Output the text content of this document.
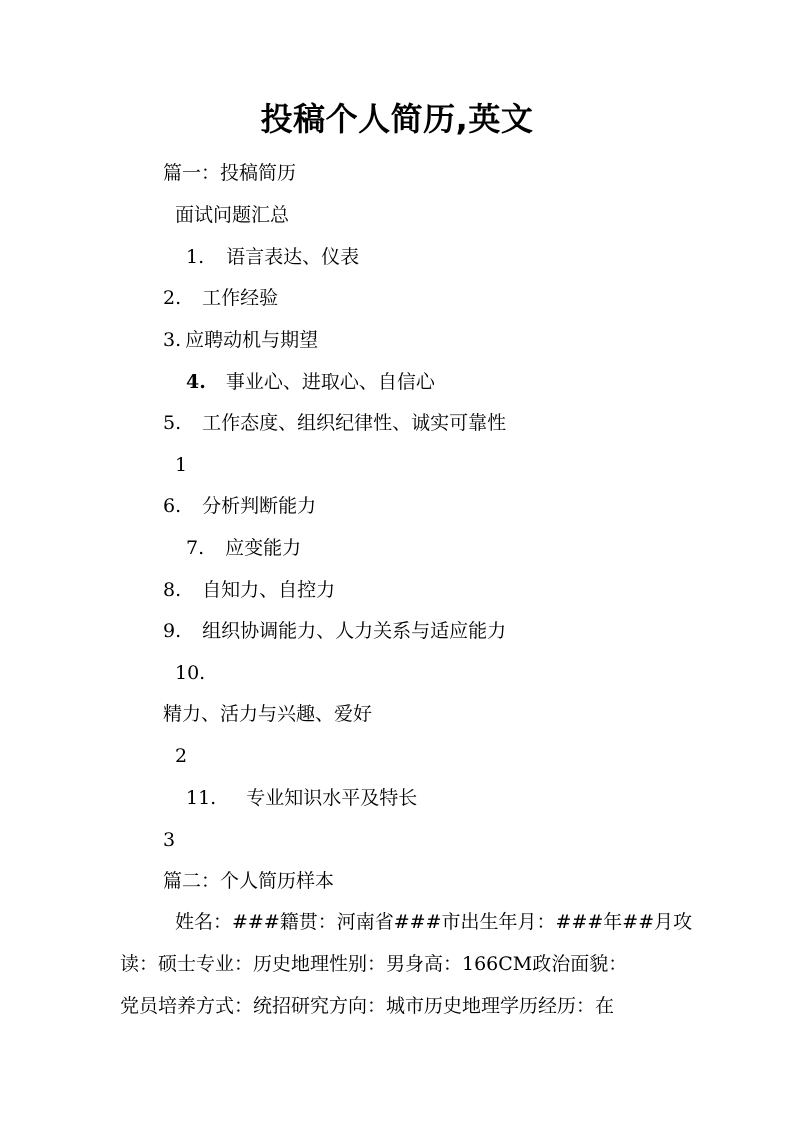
投稿个人简历,英文
篇一：投稿简历
面试问题汇总
1. 语言表达、仪表
2. 工作经验
3. 应聘动机与期望
4. 事业心、进取心、自信心
5. 工作态度、组织纪律性、诚实可靠性
1
6. 分析判断能力
7. 应变能力
8. 自知力、自控力
9. 组织协调能力、人力关系与适应能力
10.
精力、活力与兴趣、爱好
2
11. 专业知识水平及特长
3
篇二：个人简历样本
姓名：###籍贯：河南省###市出生年月：###年##月攻
读：硕士专业：历史地理性别：男身高：166CM政治面貌：
党员培养方式：统招研究方向：城市历史地理学历经历：在
